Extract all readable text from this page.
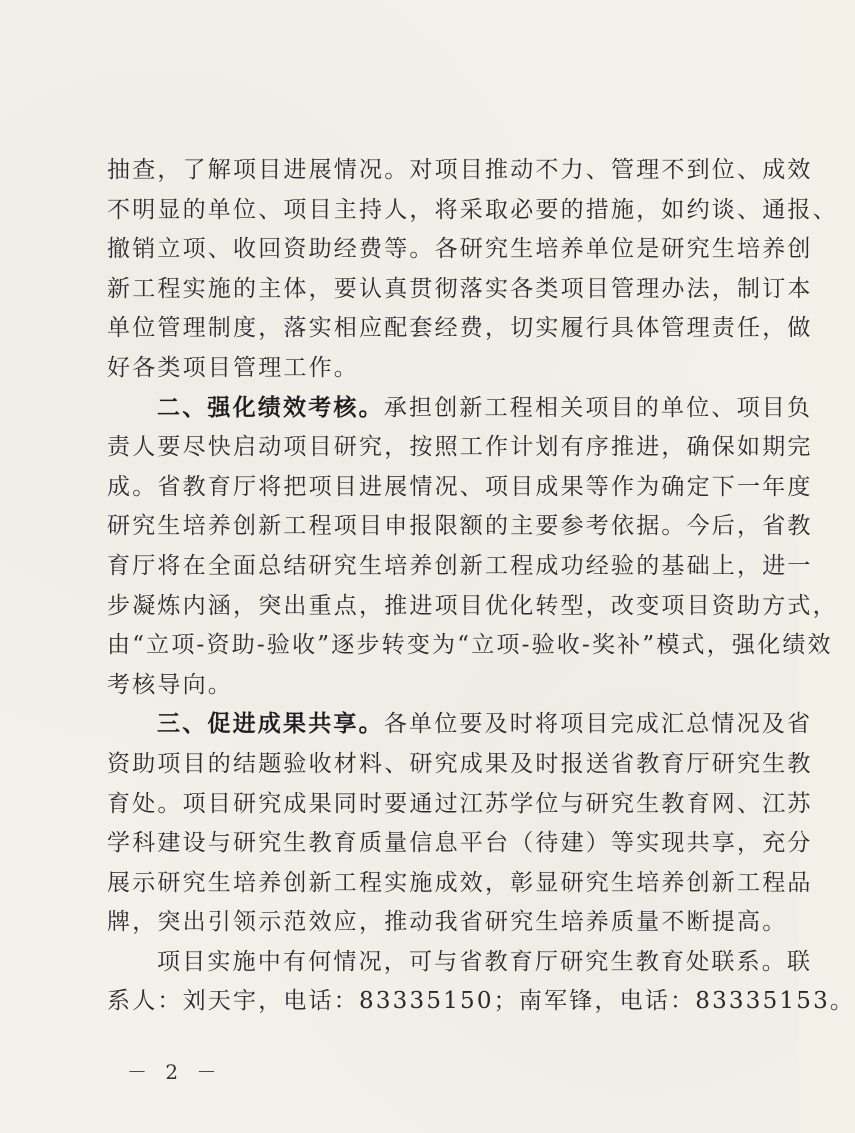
抽查，了解项目进展情况。对项目推动不力、管理不到位、成效
不明显的单位、项目主持人，将采取必要的措施，如约谈、通报、
撤销立项、收回资助经费等。各研究生培养单位是研究生培养创
新工程实施的主体，要认真贯彻落实各类项目管理办法，制订本
单位管理制度，落实相应配套经费，切实履行具体管理责任，做
好各类项目管理工作。
二、强化绩效考核。承担创新工程相关项目的单位、项目负
责人要尽快启动项目研究，按照工作计划有序推进，确保如期完
成。省教育厅将把项目进展情况、项目成果等作为确定下一年度
研究生培养创新工程项目申报限额的主要参考依据。今后，省教
育厅将在全面总结研究生培养创新工程成功经验的基础上，进一
步凝炼内涵，突出重点，推进项目优化转型，改变项目资助方式，
由“立项-资助-验收”逐步转变为“立项-验收-奖补”模式，强化绩效
考核导向。
三、促进成果共享。各单位要及时将项目完成汇总情况及省
资助项目的结题验收材料、研究成果及时报送省教育厅研究生教
育处。项目研究成果同时要通过江苏学位与研究生教育网、江苏
学科建设与研究生教育质量信息平台（待建）等实现共享，充分
展示研究生培养创新工程实施成效，彰显研究生培养创新工程品
牌，突出引领示范效应，推动我省研究生培养质量不断提高。
项目实施中有何情况，可与省教育厅研究生教育处联系。联
系人：刘天宇，电话：83335150；南军锋，电话：83335153。
－ 2 －
